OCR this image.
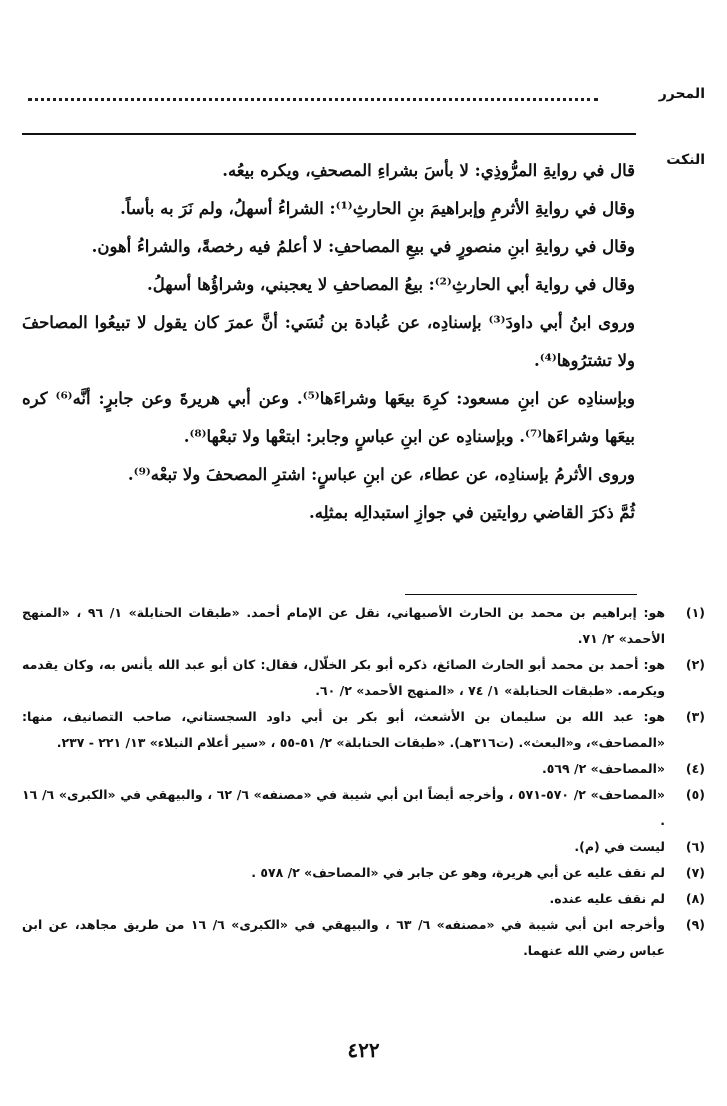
المحرر
النكت

قال في روايةِ المرُّوذِي: لا بأسَ بشراءِ المصحفِ، ويكره بيعُه.

وقال في روايةِ الأثرمِ وإبراهيمَ بنِ الحارثِ⁽¹⁾: الشراءُ أسهلُ، ولم نَرَ به بأساً.

وقال في روايةِ ابنِ منصورٍ في بيعِ المصاحفِ: لا أعلمُ فيه رخصةً، والشراءُ أهون.

وقال في رواية أبي الحارثِ⁽²⁾: بيعُ المصاحفِ لا يعجبني، وشراؤُها أسهلُ.

وروى ابنُ أبي داودَ⁽³⁾ بإسنادِه، عن عُبادة بن نُسَي: أنَّ عمرَ كان يقول لا تبيعُوا المصاحفَ ولا تشترُوها⁽⁴⁾.

وبإسنادِه عن ابنِ مسعود: كرِهَ بيعَها وشراءَها⁽⁵⁾. وعن أبي هريرةَ وعن جابرٍ: أنَّه⁽⁶⁾ كره بيعَها وشراءَها⁽⁷⁾. وبإسنادِه عن ابنِ عباسٍ وجابر: ابتعْها ولا تبعْها⁽⁸⁾.

وروى الأثرمُ بإسنادِه، عن عطاء، عن ابنِ عباسٍ: اشترِ المصحفَ ولا تبعْه⁽⁹⁾.

ثُمَّ ذكرَ القاضي روايتين في جوازِ استبدالِه بمثلِه.

(١)
هو: إبراهيم بن محمد بن الحارث الأصبهاني، نقل عن الإمام أحمد. «طبقات الحنابلة» ١/ ٩٦ ، «المنهج الأحمد» ٢/ ٧١.
(٢)
هو: أحمد بن محمد أبو الحارث الصائغ، ذكره أبو بكر الخلّال، فقال: كان أبو عبد الله يأنس به، وكان يقدمه ويكرمه. «طبقات الحنابلة» ١/ ٧٤ ، «المنهج الأحمد» ٢/ ٦٠.
(٣)
هو: عبد الله بن سليمان بن الأشعث، أبو بكر بن أبي داود السجستاني، صاحب التصانيف، منها: «المصاحف»، و«البعث». (ت٣١٦هـ). «طبقات الحنابلة» ٢/ ٥١-٥٥ ، «سير أعلام النبلاء» ١٣/ ٢٢١ - ٢٣٧.
(٤)
«المصاحف» ٢/ ٥٦٩.
(٥)
«المصاحف» ٢/ ٥٧٠-٥٧١ ، وأخرجه أيضاً ابن أبي شيبة في «مصنفه» ٦/ ٦٢ ، والبيهقي في «الكبرى» ٦/ ١٦ .
(٦)
ليست في (م).
(٧)
لم نقف عليه عن أبي هريرة، وهو عن جابر في «المصاحف» ٢/ ٥٧٨ .
(٨)
لم نقف عليه عنده.
(٩)
وأخرجه ابن أبي شيبة في «مصنفه» ٦/ ٦٣ ، والبيهقي في «الكبرى» ٦/ ١٦ من طريق مجاهد، عن ابن عباس رضي الله عنهما.
٤٢٢
